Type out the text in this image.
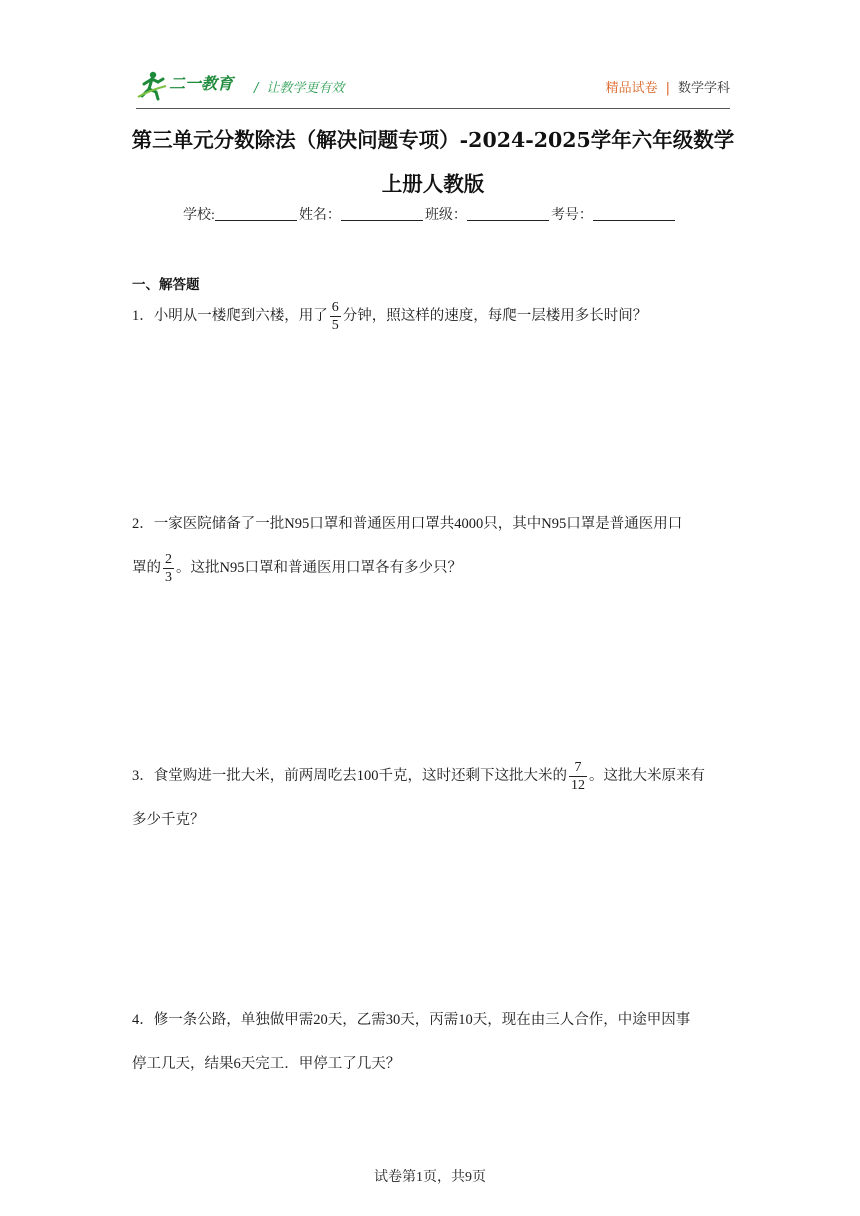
二一教育 / 让教学更有效	精品试卷 | 数学学科
第三单元分数除法（解决问题专项）-2024-2025学年六年级数学上册人教版
学校:	姓名：	班级：	考号：
一、解答题
1．小明从一楼爬到六楼，用了 $\frac{6}{5}$ 分钟，照这样的速度，每爬一层楼用多长时间？
2．一家医院储备了一批N95口罩和普通医用口罩共4000只，其中N95口罩是普通医用口
罩的 $\frac{2}{3}$ 。这批N95口罩和普通医用口罩各有多少只？
3．食堂购进一批大米，前两周吃去100千克，这时还剩下这批大米的 $\frac{7}{12}$ 。这批大米原来有
多少千克？
4．修一条公路，单独做甲需20天，乙需30天，丙需10天，现在由三人合作，中途甲因事
停工几天，结果6天完工．甲停工了几天？
试卷第1页，共9页
